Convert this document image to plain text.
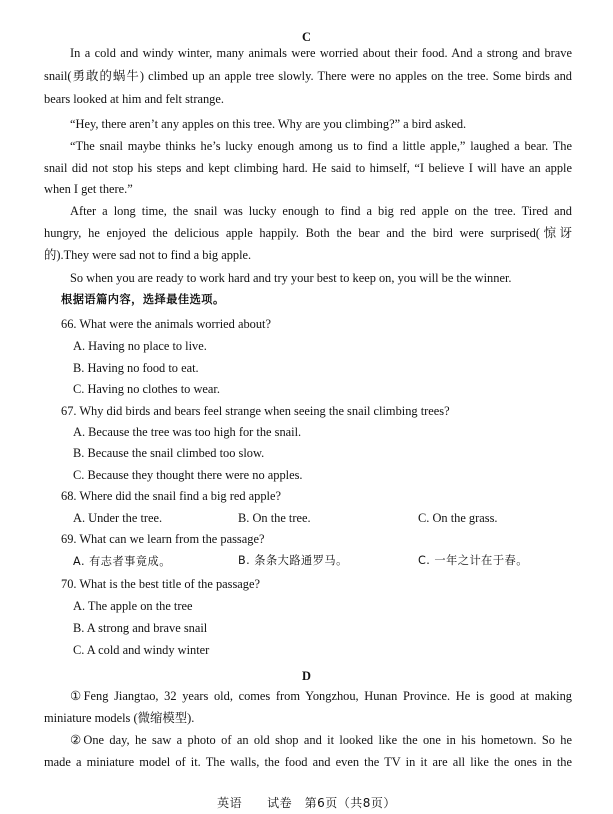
C
In a cold and windy winter, many animals were worried about their food. And a strong and brave
snail(勇敢的蜗牛) climbed up an apple tree slowly. There were no apples on the tree. Some birds and
bears looked at him and felt strange.
“Hey, there aren’t any apples on this tree. Why are you climbing?” a bird asked.
“The snail maybe thinks he’s lucky enough among us to find a little apple,” laughed a bear. The
snail did not stop his steps and kept climbing hard. He said to himself, “I believe I will have an apple
when I get there.”
After a long time, the snail was lucky enough to find a big red apple on the tree. Tired and
hungry, he enjoyed the delicious apple happily. Both the bear and the bird were surprised(惊讶
的).They were sad not to find a big apple.
So when you are ready to work hard and try your best to keep on, you will be the winner.
根据语篇内容，选择最佳选项。
66. What were the animals worried about?
A. Having no place to live.
B. Having no food to eat.
C. Having no clothes to wear.
67. Why did birds and bears feel strange when seeing the snail climbing trees?
A. Because the tree was too high for the snail.
B. Because the snail climbed too slow.
C. Because they thought there were no apples.
68. Where did the snail find a big red apple?
A. Under the tree.	B. On the tree.	C. On the grass.
69. What can we learn from the passage?
A. 有志者事竟成。	B. 条条大路通罗马。	C. 一年之计在于春。
70. What is the best title of the passage?
A. The apple on the tree
B. A strong and brave snail
C. A cold and windy winter
D
①Feng Jiangtao, 32 years old, comes from Yongzhou, Hunan Province. He is good at making
miniature models (微缩模型).
②One day, he saw a photo of an old shop and it looked like the one in his hometown. So he
made a miniature model of it. The walls, the food and even the TV in it are all like the ones in the
英语　　试卷　第6页（共8页）
